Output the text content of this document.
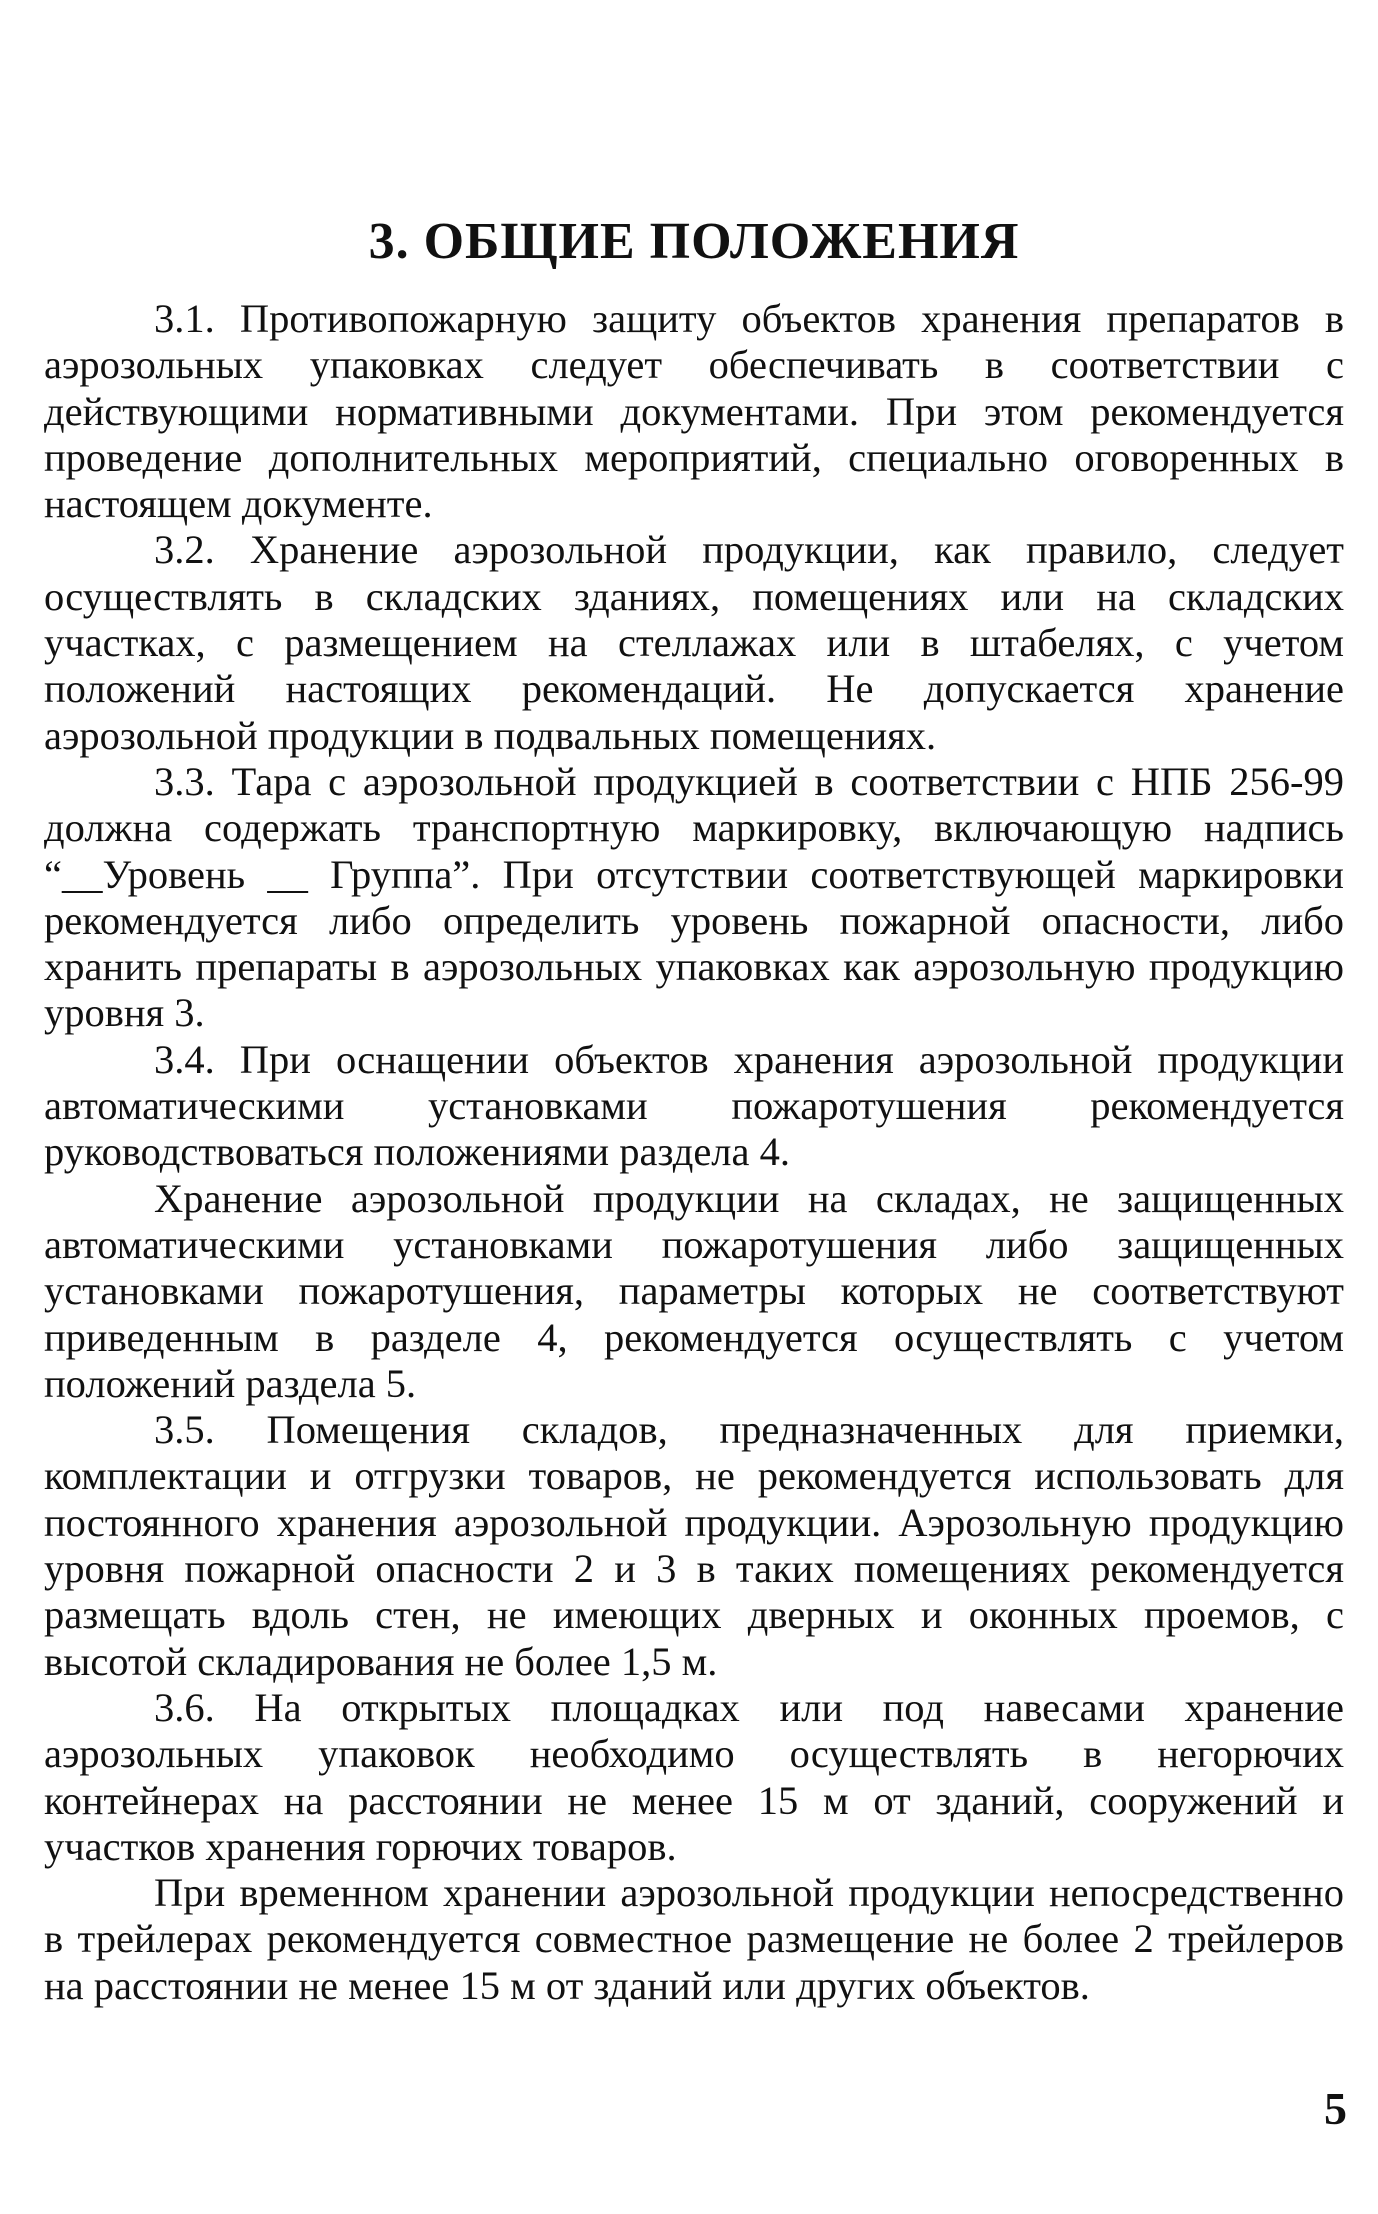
3. ОБЩИЕ ПОЛОЖЕНИЯ

3.1. Противопожарную защиту объектов хранения препаратов в аэрозольных упаковках следует обеспечивать в соответствии с действующими нормативными документами. При этом рекомендуется проведение дополнительных мероприятий, специально оговоренных в настоящем документе.

3.2. Хранение аэрозольной продукции, как правило, следует осуществлять в складских зданиях, помещениях или на складских участках, с размещением на стеллажах или в штабелях, с учетом положений настоящих рекомендаций. Не допускается хранение аэрозольной продукции в подвальных помещениях.

3.3. Тара с аэрозольной продукцией в соответствии с НПБ 256-99 должна содержать транспортную маркировку, включающую надпись “__Уровень __ Группа”. При отсутствии соответствующей маркировки рекомендуется либо определить уровень пожарной опасности, либо хранить препараты в аэрозольных упаковках как аэрозольную продукцию уровня 3.

3.4. При оснащении объектов хранения аэрозольной продукции автоматическими установками пожаротушения рекомендуется руководствоваться положениями раздела 4.

Хранение аэрозольной продукции на складах, не защищенных автоматическими установками пожаротушения либо защищенных установками пожаротушения, параметры которых не соответствуют приведенным в разделе 4, рекомендуется осуществлять с учетом положений раздела 5.

3.5. Помещения складов, предназначенных для приемки, комплектации и отгрузки товаров, не рекомендуется использовать для постоянного хранения аэрозольной продукции. Аэрозольную продукцию уровня пожарной опасности 2 и 3 в таких помещениях рекомендуется размещать вдоль стен, не имеющих дверных и оконных проемов, с высотой складирования не более 1,5 м.

3.6. На открытых площадках или под навесами хранение аэрозольных упаковок необходимо осуществлять в негорючих контейнерах на расстоянии не менее 15 м от зданий, сооружений и участков хранения горючих товаров.

При временном хранении аэрозольной продукции непосредственно в трейлерах рекомендуется совместное размещение не более 2 трейлеров на расстоянии не менее 15 м от зданий или других объектов.

5
